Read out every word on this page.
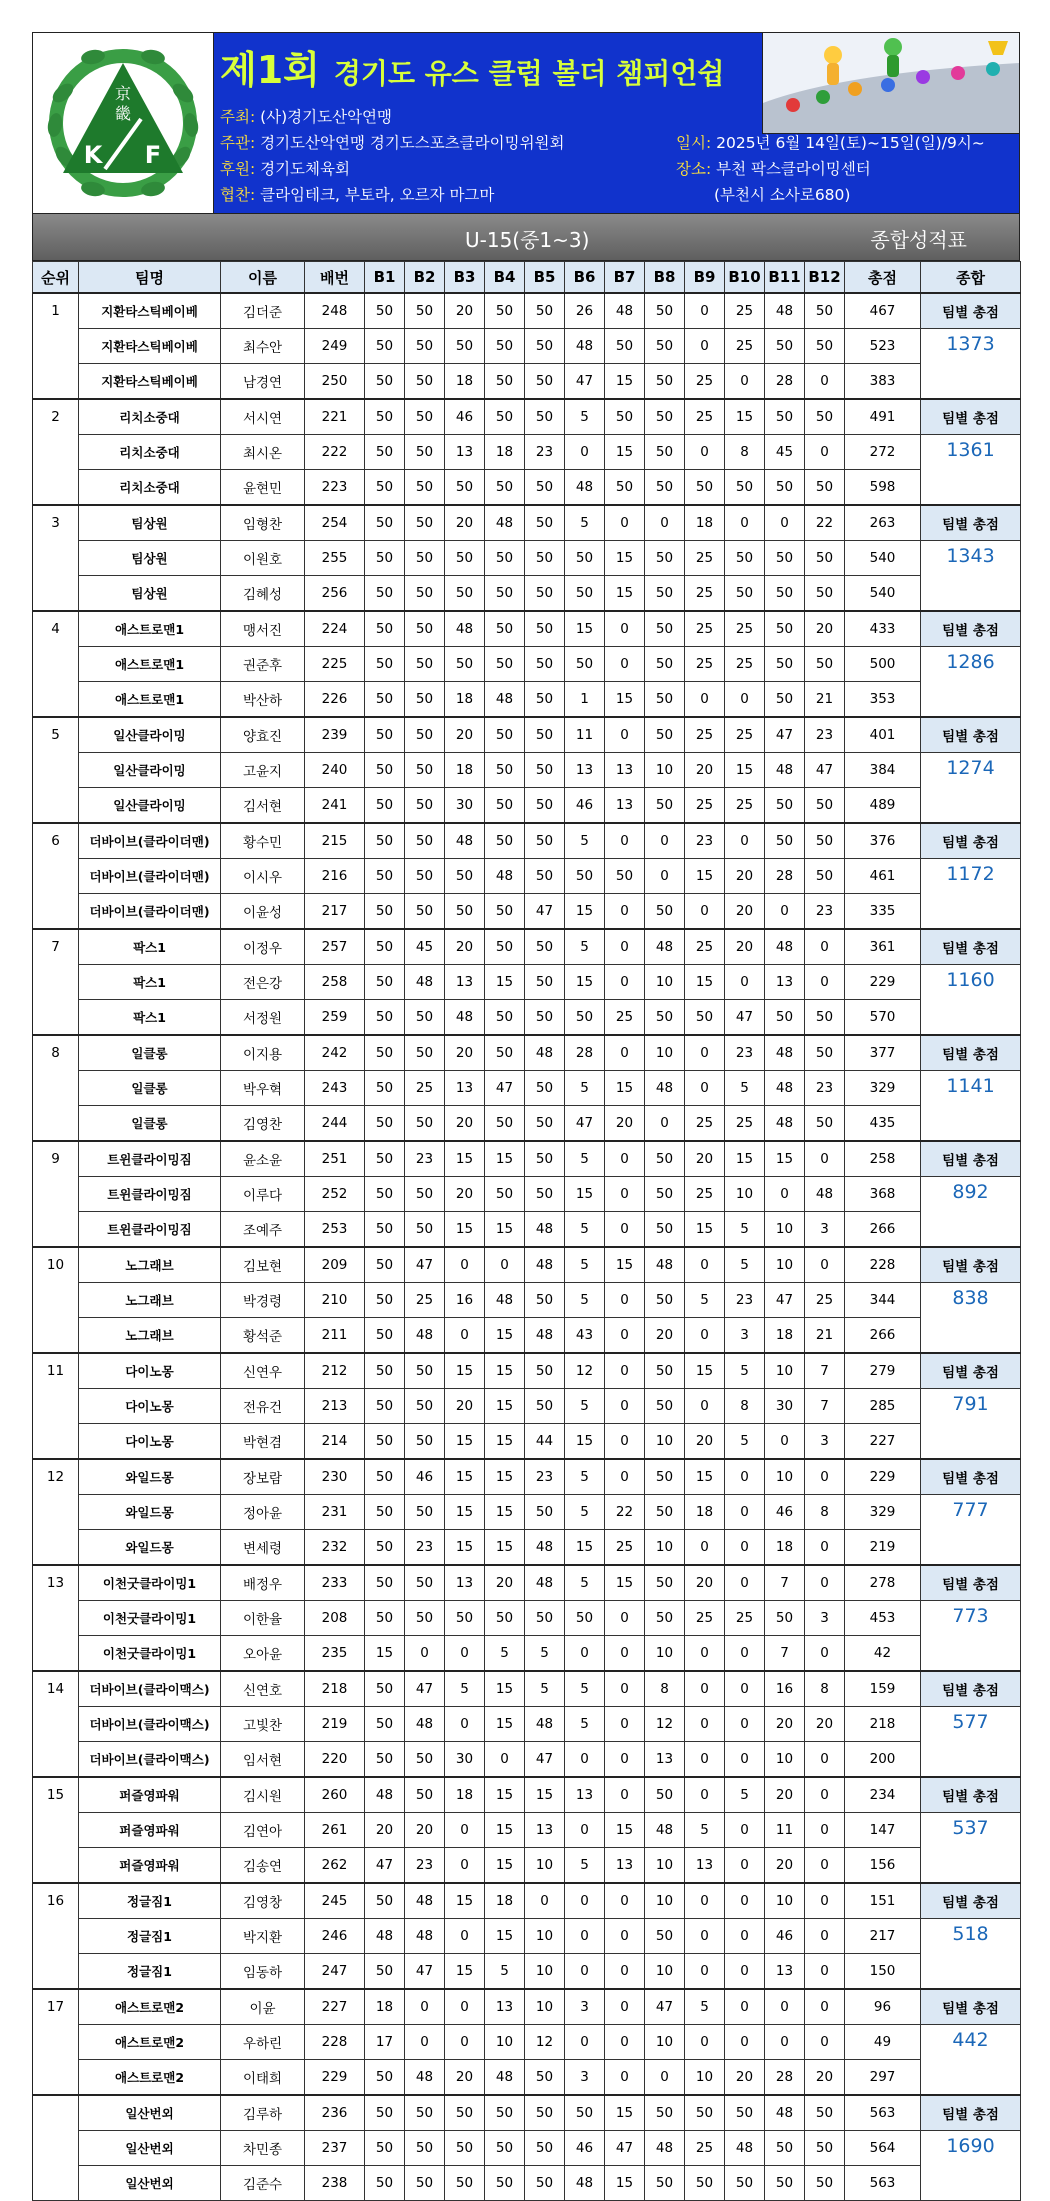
京
畿
K F
제1회 경기도 유스 클럽 볼더 챔피언쉽
주최: (사)경기도산악연맹
주관: 경기도산악연맹 경기도스포츠클라이밍위원회
후원: 경기도체육회
협찬: 클라임테크, 부토라, 오르자 마그마
일시: 2025년 6월 14일(토)~15일(일)/9시~
장소: 부천 팍스클라이밍센터
(부천시 소사로680)
U-15(중1~3)	종합성적표
순위	팀명	이름	배번	B1	B2	B3	B4	B5	B6	B7	B8	B9	B10	B11	B12	총점	종합
1	지환타스틱베이베	김더준	248	50	50	20	50	50	26	48	50	0	25	48	50	467	팀별 총점
	지환타스틱베이베	최수안	249	50	50	50	50	50	48	50	50	0	25	50	50	523	1373
	지환타스틱베이베	남경연	250	50	50	18	50	50	47	15	50	25	0	28	0	383	
2	리치소중대	서시연	221	50	50	46	50	50	5	50	50	25	15	50	50	491	팀별 총점
	리치소중대	최시온	222	50	50	13	18	23	0	15	50	0	8	45	0	272	1361
	리치소중대	윤현민	223	50	50	50	50	50	48	50	50	50	50	50	50	598	
3	팀상원	임형찬	254	50	50	20	48	50	5	0	0	18	0	0	22	263	팀별 총점
	팀상원	이원호	255	50	50	50	50	50	50	15	50	25	50	50	50	540	1343
	팀상원	김혜성	256	50	50	50	50	50	50	15	50	25	50	50	50	540	
4	애스트로맨1	맹서진	224	50	50	48	50	50	15	0	50	25	25	50	20	433	팀별 총점
	애스트로맨1	권준후	225	50	50	50	50	50	50	0	50	25	25	50	50	500	1286
	애스트로맨1	박산하	226	50	50	18	48	50	1	15	50	0	0	50	21	353	
5	일산클라이밍	양효진	239	50	50	20	50	50	11	0	50	25	25	47	23	401	팀별 총점
	일산클라이밍	고윤지	240	50	50	18	50	50	13	13	10	20	15	48	47	384	1274
	일산클라이밍	김서현	241	50	50	30	50	50	46	13	50	25	25	50	50	489	
6	더바이브(클라이더맨)	황수민	215	50	50	48	50	50	5	0	0	23	0	50	50	376	팀별 총점
	더바이브(클라이더맨)	이시우	216	50	50	50	48	50	50	50	0	15	20	28	50	461	1172
	더바이브(클라이더맨)	이윤성	217	50	50	50	50	47	15	0	50	0	20	0	23	335	
7	팍스1	이정우	257	50	45	20	50	50	5	0	48	25	20	48	0	361	팀별 총점
	팍스1	전은강	258	50	48	13	15	50	15	0	10	15	0	13	0	229	1160
	팍스1	서정원	259	50	50	48	50	50	50	25	50	50	47	50	50	570	
8	일클롱	이지용	242	50	50	20	50	48	28	0	10	0	23	48	50	377	팀별 총점
	일클롱	박우혁	243	50	25	13	47	50	5	15	48	0	5	48	23	329	1141
	일클롱	김영찬	244	50	50	20	50	50	47	20	0	25	25	48	50	435	
9	트윈클라이밍짐	윤소윤	251	50	23	15	15	50	5	0	50	20	15	15	0	258	팀별 총점
	트윈클라이밍짐	이루다	252	50	50	20	50	50	15	0	50	25	10	0	48	368	892
	트윈클라이밍짐	조예주	253	50	50	15	15	48	5	0	50	15	5	10	3	266	
10	노그래브	김보현	209	50	47	0	0	48	5	15	48	0	5	10	0	228	팀별 총점
	노그래브	박경령	210	50	25	16	48	50	5	0	50	5	23	47	25	344	838
	노그래브	황석준	211	50	48	0	15	48	43	0	20	0	3	18	21	266	
11	다이노몽	신연우	212	50	50	15	15	50	12	0	50	15	5	10	7	279	팀별 총점
	다이노몽	전유건	213	50	50	20	15	50	5	0	50	0	8	30	7	285	791
	다이노몽	박현겸	214	50	50	15	15	44	15	0	10	20	5	0	3	227	
12	와일드몽	장보람	230	50	46	15	15	23	5	0	50	15	0	10	0	229	팀별 총점
	와일드몽	정아윤	231	50	50	15	15	50	5	22	50	18	0	46	8	329	777
	와일드몽	변세령	232	50	23	15	15	48	15	25	10	0	0	18	0	219	
13	이천굿클라이밍1	배정우	233	50	50	13	20	48	5	15	50	20	0	7	0	278	팀별 총점
	이천굿클라이밍1	이한율	208	50	50	50	50	50	50	0	50	25	25	50	3	453	773
	이천굿클라이밍1	오아윤	235	15	0	0	5	5	0	0	10	0	0	7	0	42	
14	더바이브(클라이맥스)	신연호	218	50	47	5	15	5	5	0	8	0	0	16	8	159	팀별 총점
	더바이브(클라이맥스)	고빛찬	219	50	48	0	15	48	5	0	12	0	0	20	20	218	577
	더바이브(클라이맥스)	임서현	220	50	50	30	0	47	0	0	13	0	0	10	0	200	
15	퍼즐영파워	김시원	260	48	50	18	15	15	13	0	50	0	5	20	0	234	팀별 총점
	퍼즐영파워	김연아	261	20	20	0	15	13	0	15	48	5	0	11	0	147	537
	퍼즐영파워	김송연	262	47	23	0	15	10	5	13	10	13	0	20	0	156	
16	정글짐1	김영창	245	50	48	15	18	0	0	0	10	0	0	10	0	151	팀별 총점
	정글짐1	박지환	246	48	48	0	15	10	0	0	50	0	0	46	0	217	518
	정글짐1	임동하	247	50	47	15	5	10	0	0	10	0	0	13	0	150	
17	애스트로맨2	이윤	227	18	0	0	13	10	3	0	47	5	0	0	0	96	팀별 총점
	애스트로맨2	우하린	228	17	0	0	10	12	0	0	10	0	0	0	0	49	442
	애스트로맨2	이태희	229	50	48	20	48	50	3	0	0	10	20	28	20	297	
	일산번외	김루하	236	50	50	50	50	50	50	15	50	50	50	48	50	563	팀별 총점
	일산번외	차민종	237	50	50	50	50	50	46	47	48	25	48	50	50	564	1690
	일산번외	김준수	238	50	50	50	50	50	48	15	50	50	50	50	50	563	
